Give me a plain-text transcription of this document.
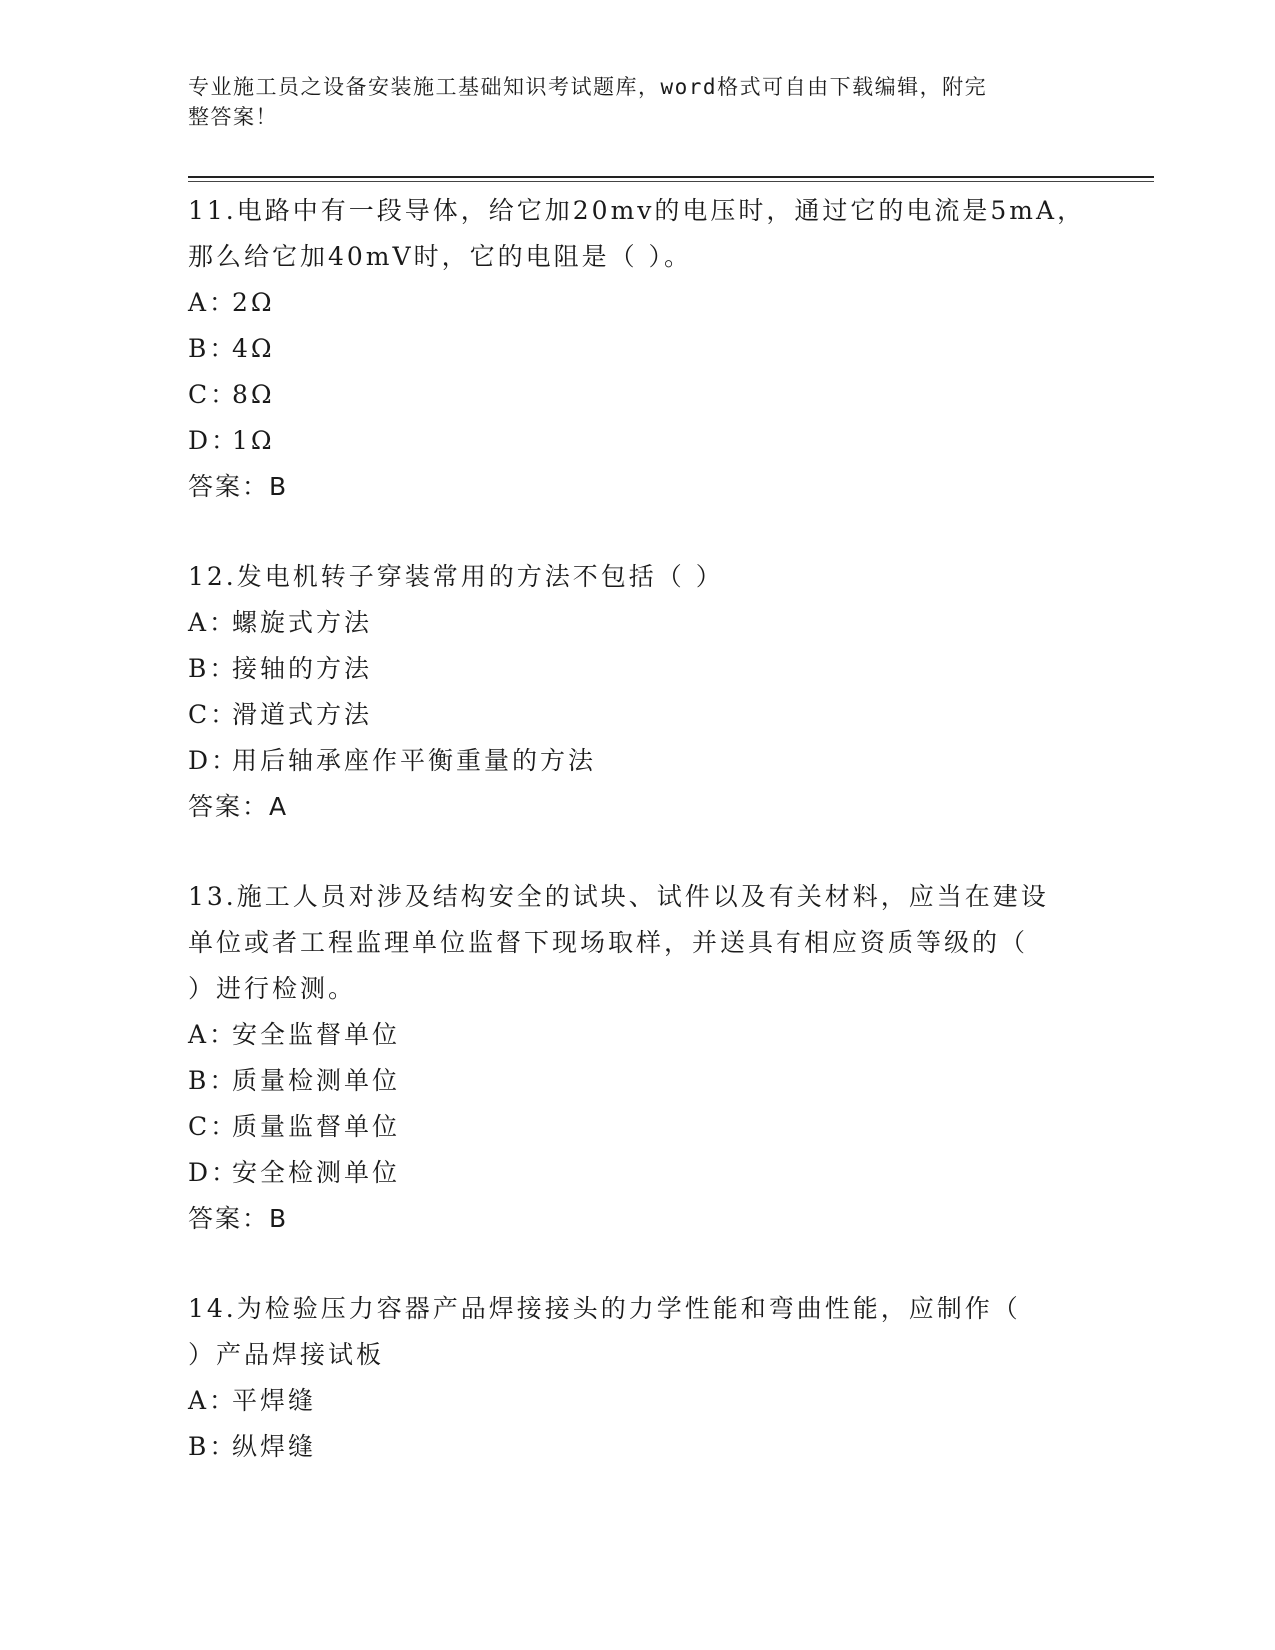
专业施工员之设备安装施工基础知识考试题库，word格式可自由下载编辑，附完
整答案！

11.电路中有一段导体，给它加20mv的电压时，通过它的电流是5mA，

那么给它加40mV时，它的电阻是（ ）。

A：2Ω

B：4Ω

C：8Ω

D：1Ω

答案：B

12.发电机转子穿装常用的方法不包括（ ）

A：螺旋式方法

B：接轴的方法

C：滑道式方法

D：用后轴承座作平衡重量的方法

答案：A

13.施工人员对涉及结构安全的试块、试件以及有关材料，应当在建设

单位或者工程监理单位监督下现场取样，并送具有相应资质等级的（

）进行检测。

A：安全监督单位

B：质量检测单位

C：质量监督单位

D：安全检测单位

答案：B

14.为检验压力容器产品焊接接头的力学性能和弯曲性能，应制作（

）产品焊接试板

A：平焊缝

B：纵焊缝
